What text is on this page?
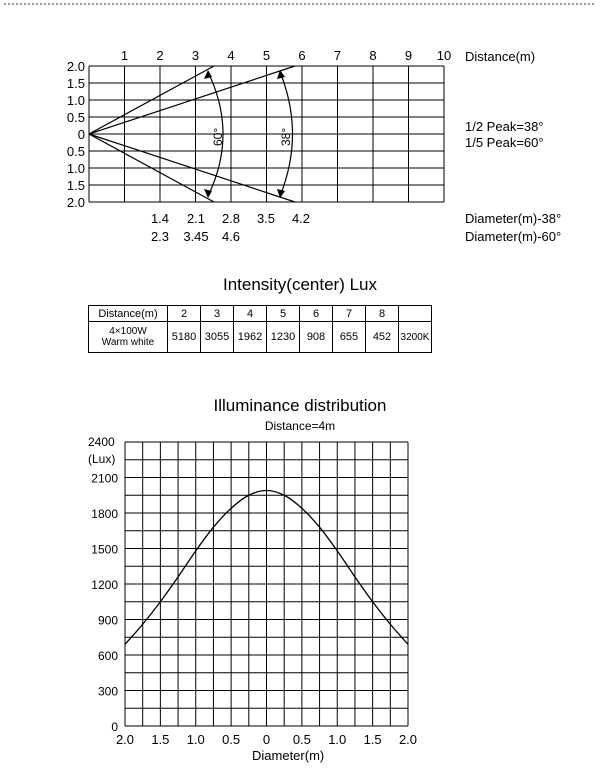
1 2 3 4 5 6 7 8 9 10
2.0
1.5
1.0
0.5
0
0.5
1.0
1.5
2.0
1.4 2.1 2.8 3.5 4.2
2.3 3.45 4.6
60°	38°
Distance(m)
1/2 Peak=38°
1/5 Peak=60°
Diameter(m)-38°
Diameter(m)-60°
Intensity(center) Lux
Distance(m)	2	3	4	5	6	7	8	

4×100W
Warm white	5180	3055	1962	1230	908	655	452	3200K
Illuminance distribution
Distance=4m
2.0 1.5 1.0 0.5 0 0.5 1.0 1.5 2.0
2100
1800
1500
1200
900
600
300
0
2400
(Lux)
Diameter(m)
